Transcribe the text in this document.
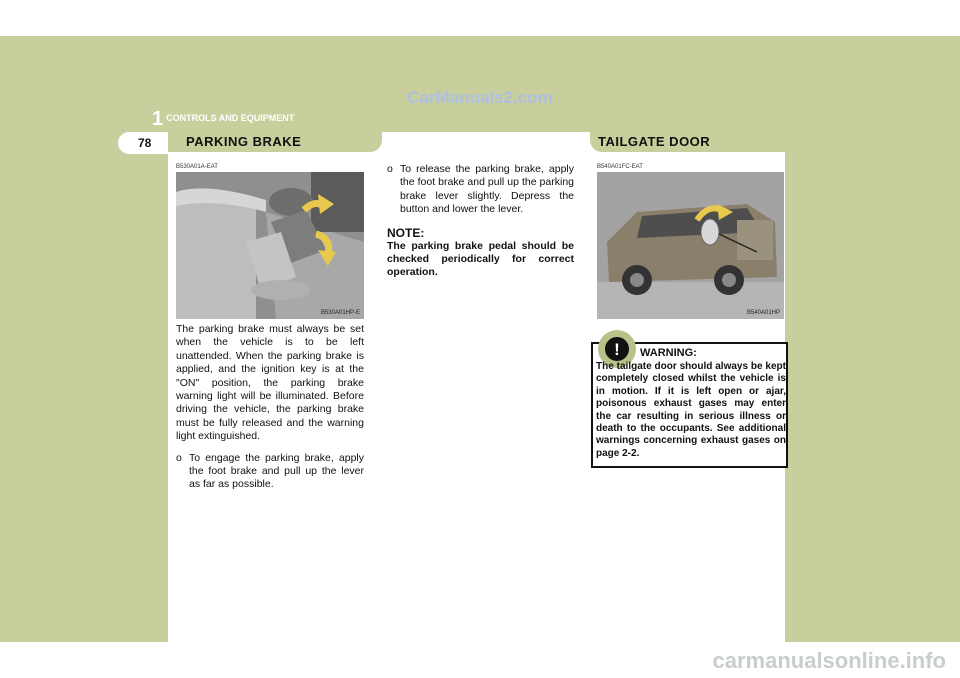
CarManuals2.com
1 CONTROLS AND EQUIPMENT
78	PARKING BRAKE
B530A01A-EAT
B530A01HP-E
The parking brake must always be set when the vehicle is to be left unattended. When the parking brake is applied, and the ignition key is at the "ON" position, the parking brake warning light will be illuminated. Before driving the vehicle, the parking brake must be fully released and the warning light extinguished.
o To engage the parking brake, apply the foot brake and pull up the lever as far as possible.
o To release the parking brake, apply the foot brake and pull up the parking brake lever slightly. Depress the button and lower the lever.
NOTE:
The parking brake pedal should be checked periodically for correct operation.
TAILGATE DOOR
B540A01FC-EAT
B540A01HP
! WARNING:
The tailgate door should always be kept completely closed whilst the vehicle is in motion. If it is left open or ajar, poisonous exhaust gases may enter the car resulting in serious illness or death to the occupants. See additional warnings concerning exhaust gases on page 2-2.
carmanualsonline.info
